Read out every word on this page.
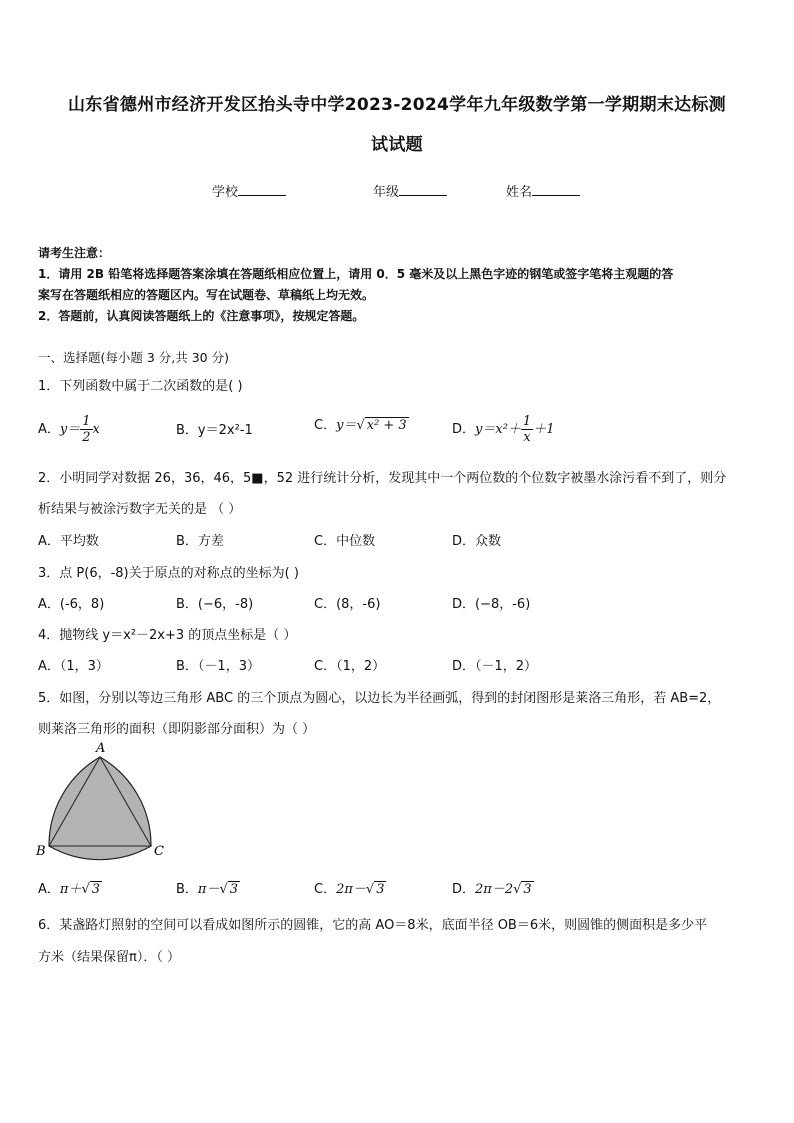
山东省德州市经济开发区抬头寺中学2023-2024学年九年级数学第一学期期末达标测
试试题
学校	年级	姓名
请考生注意：
1．请用 2B 铅笔将选择题答案涂填在答题纸相应位置上，请用 0．5 毫米及以上黑色字迹的钢笔或签字笔将主观题的答
案写在答题纸相应的答题区内。写在试题卷、草稿纸上均无效。
2．答题前，认真阅读答题纸上的《注意事项》，按规定答题。
一、选择题(每小题 3 分,共 30 分)
1．下列函数中属于二次函数的是( )
A．$y= \frac{1}{2}$ x	B．y＝2x²-1	C．y＝√ x² + 3	D．$y=x^2+ \frac{1}{x} +1$
2．小明同学对数据 26，36，46，5■，52 进行统计分析，发现其中一个两位数的个位数字被墨水涂污看不到了，则分
析结果与被涂污数字无关的是 （ ）
A．平均数	B．方差	C．中位数	D．众数
3．点 P(6，-8)关于原点的对称点的坐标为( )
A．(-6，8)	B．(−6，-8)	C．(8，-6)	D．(−8，-6)
4．抛物线 y＝x²－2x+3 的顶点坐标是（ ）
A．（1，3）	B．（－1，3）	C．（1，2）	D．（－1，2）
5．如图，分别以等边三角形 ABC 的三个顶点为圆心，以边长为半径画弧，得到的封闭图形是莱洛三角形，若 AB=2，
则莱洛三角形的面积（即阴影部分面积）为（ ）
A
B	C
A．π＋√ 3	B．π－√ 3	C．2π－√ 3	D．2π－2√ 3
6．某盏路灯照射的空间可以看成如图所示的圆锥，它的高 AO＝8米，底面半径 OB＝6米，则圆锥的侧面积是多少平
方米（结果保留π）．（ ）
